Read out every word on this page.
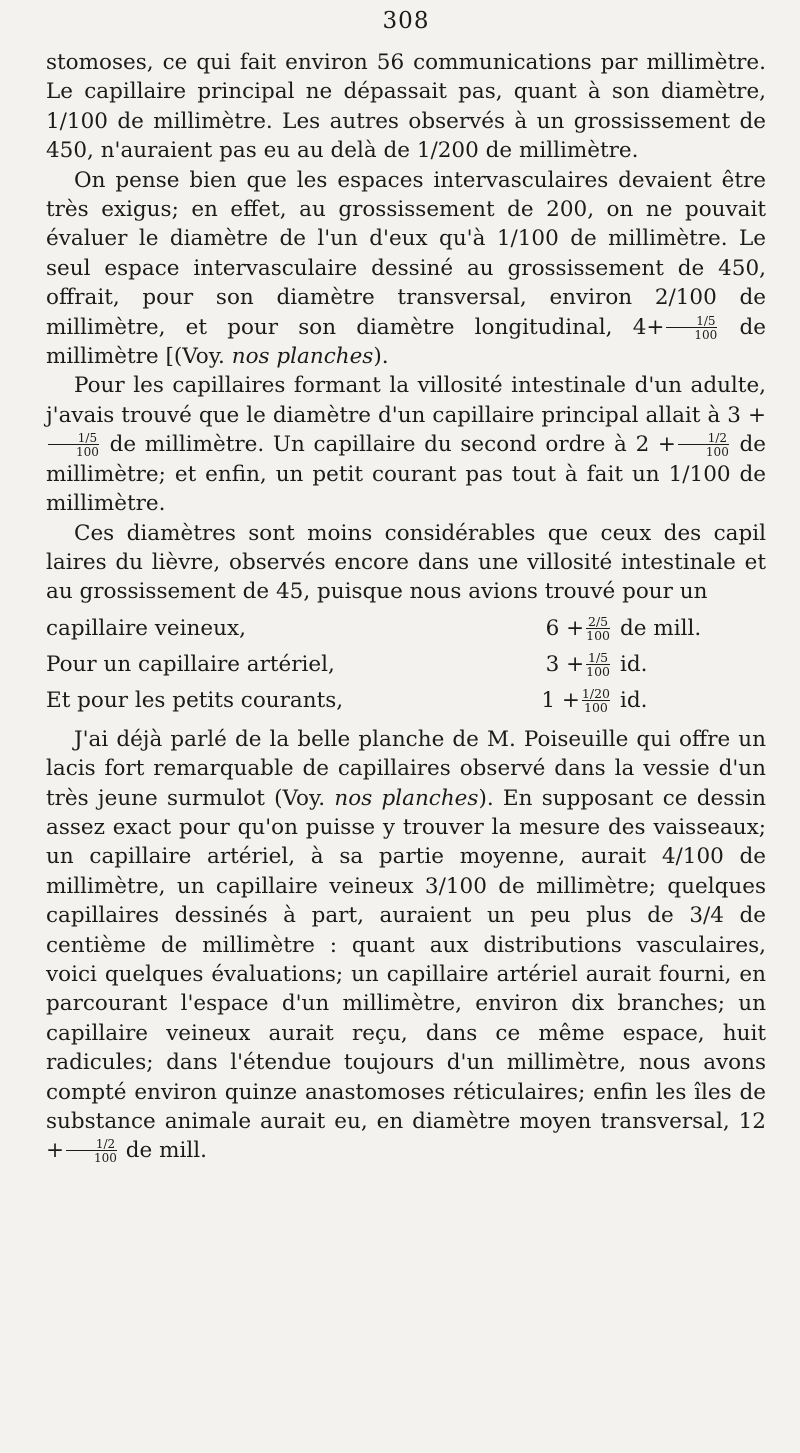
308

stomoses, ce qui fait environ 56 communications par millimètre. Le capillaire principal ne dépassait pas, quant à son diamètre, 1/100 de millimètre. Les autres observés à un grossissement de 450, n'auraient pas eu au delà de 1/200 de millimètre.

On pense bien que les espaces intervasculaires devaient être très exigus; en effet, au grossissement de 200, on ne pouvait évaluer le diamètre de l'un d'eux qu'à 1/100 de millimètre. Le seul espace intervasculaire dessiné au grossissement de 450, offrait, pour son diamètre transversal, environ 2/100 de millimètre, et pour son diamètre longitudinal, $4+ \frac{1/5}{100}$ de millimètre [(Voy. nos planches).

Pour les capillaires formant la villosité intestinale d'un adulte, j'avais trouvé que le diamètre d'un capillaire principal allait à 3 +
$\frac{1/5}{100}$ de millimètre. Un capillaire du second ordre à $2 + \frac{1/2}{100}$ de millimètre; et enfin, un petit courant pas tout à fait un 1/100 de millimètre.

Ces diamètres sont moins considérables que ceux des capil laires du lièvre, observés encore dans une villosité intestinale et au grossissement de 45, puisque nous avions trouvé pour un

capillaire veineux,	$6 + \frac{2/5}{100}$ de mill.
Pour un capillaire artériel,	$3 + \frac{1/5}{100}$ id.
Et pour les petits courants,	$1 + \frac{1/20}{100}$ id.

J'ai déjà parlé de la belle planche de M. Poiseuille qui offre un lacis fort remarquable de capillaires observé dans la vessie d'un très jeune surmulot (Voy. nos planches). En supposant ce dessin assez exact pour qu'on puisse y trouver la mesure des vaisseaux; un capillaire artériel, à sa partie moyenne, aurait 4/100 de millimètre, un capillaire veineux 3/100 de millimètre; quelques capillaires dessinés à part, auraient un peu plus de 3/4 de centième de millimètre : quant aux distributions vasculaires, voici quelques évaluations; un capillaire artériel aurait fourni, en parcourant l'espace d'un millimètre, environ dix branches; un capillaire veineux aurait reçu, dans ce même espace, huit radicules; dans l'étendue toujours d'un millimètre, nous avons compté environ quinze anastomoses réticulaires; enfin les îles de substance animale aurait eu, en diamètre moyen transversal, $12 + \frac{1/2}{100}$ de mill.
